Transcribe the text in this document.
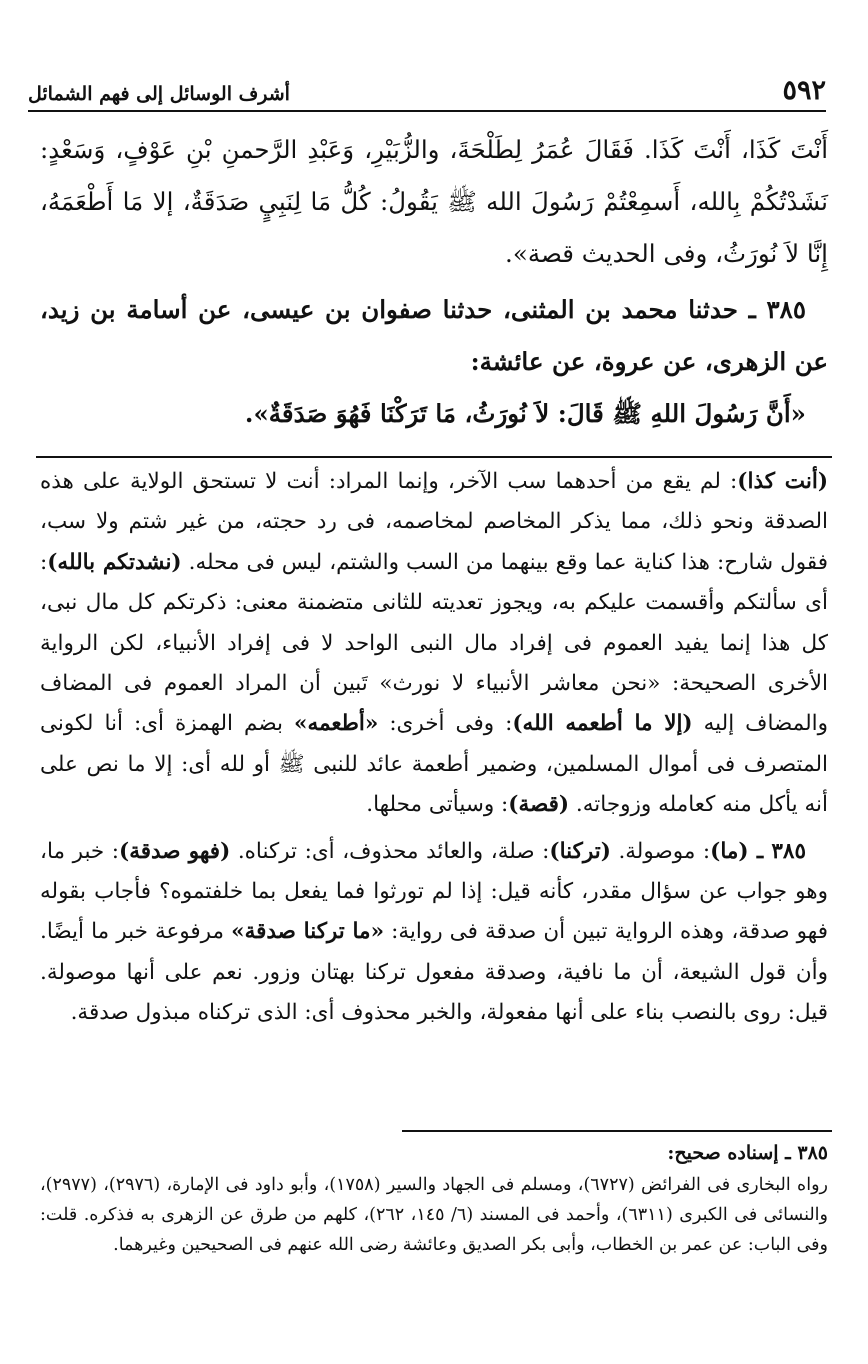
٥٩٢
أشرف الوسائل إلى فهم الشمائل

أَنْتَ كَذَا، أَنْتَ كَذَا. فَقَالَ عُمَرُ لِطَلْحَةَ، والزُّبَيْرِ، وَعَبْدِ الرَّحمنِ بْنِ عَوْفٍ، وَسَعْدٍ: نَشَدْتُكُمْ بِالله، أَسمِعْتُمْ رَسُولَ الله ﷺ يَقُولُ: كُلُّ مَا لِنَبِيٍ صَدَقَةٌ، إلا مَا أَطْعَمَهُ، إِنَّا لاَ نُورَثُ، وفى الحديث قصة».

٣٨٥ ـ حدثنا محمد بن المثنى، حدثنا صفوان بن عيسى، عن أسامة بن زيد، عن الزهرى، عن عروة، عن عائشة:

«أَنَّ رَسُولَ اللهِ ﷺ قَالَ: لاَ نُورَثُ، مَا تَرَكْنَا فَهُوَ صَدَقَةٌ».

(أنت كذا): لم يقع من أحدهما سب الآخر، وإنما المراد: أنت لا تستحق الولاية على هذه الصدقة ونحو ذلك، مما يذكر المخاصم لمخاصمه، فى رد حجته، من غير شتم ولا سب، فقول شارح: هذا كناية عما وقع بينهما من السب والشتم، ليس فى محله. (نشدتكم بالله): أى سألتكم وأقسمت عليكم به، ويجوز تعديته للثانى متضمنة معنى: ذكرتكم كل مال نبى، كل هذا إنما يفيد العموم فى إفراد مال النبى الواحد لا فى إفراد الأنبياء، لكن الرواية الأخرى الصحيحة: «نحن معاشر الأنبياء لا نورث» تَبين أن المراد العموم فى المضاف والمضاف إليه (إلا ما أطعمه الله): وفى أخرى: «أطعمه» بضم الهمزة أى: أنا لكونى المتصرف فى أموال المسلمين، وضمير أطعمة عائد للنبى ﷺ أو لله أى: إلا ما نص على أنه يأكل منه كعامله وزوجاته. (قصة): وسيأتى محلها.

٣٨٥ ـ (ما): موصولة. (تركنا): صلة، والعائد محذوف، أى: تركناه. (فهو صدقة): خبر ما، وهو جواب عن سؤال مقدر، كأنه قيل: إذا لم تورثوا فما يفعل بما خلفتموه؟ فأجاب بقوله فهو صدقة، وهذه الرواية تبين أن صدقة فى رواية: «ما تركنا صدقة» مرفوعة خبر ما أيضًا. وأن قول الشيعة، أن ما نافية، وصدقة مفعول تركنا بهتان وزور. نعم على أنها موصولة. قيل: روى بالنصب بناء على أنها مفعولة، والخبر محذوف أى: الذى تركناه مبذول صدقة.

٣٨٥ ـ إسناده صحيح:

رواه البخارى فى الفرائض (٦٧٢٧)، ومسلم فى الجهاد والسير (١٧٥٨)، وأبو داود فى الإمارة، (٢٩٧٦)، (٢٩٧٧)، والنسائى فى الكبرى (٦٣١١)، وأحمد فى المسند (٦/ ١٤٥، ٢٦٢)، كلهم من طرق عن الزهرى به فذكره. قلت: وفى الباب: عن عمر بن الخطاب، وأبى بكر الصديق وعائشة رضى الله عنهم فى الصحيحين وغيرهما.
